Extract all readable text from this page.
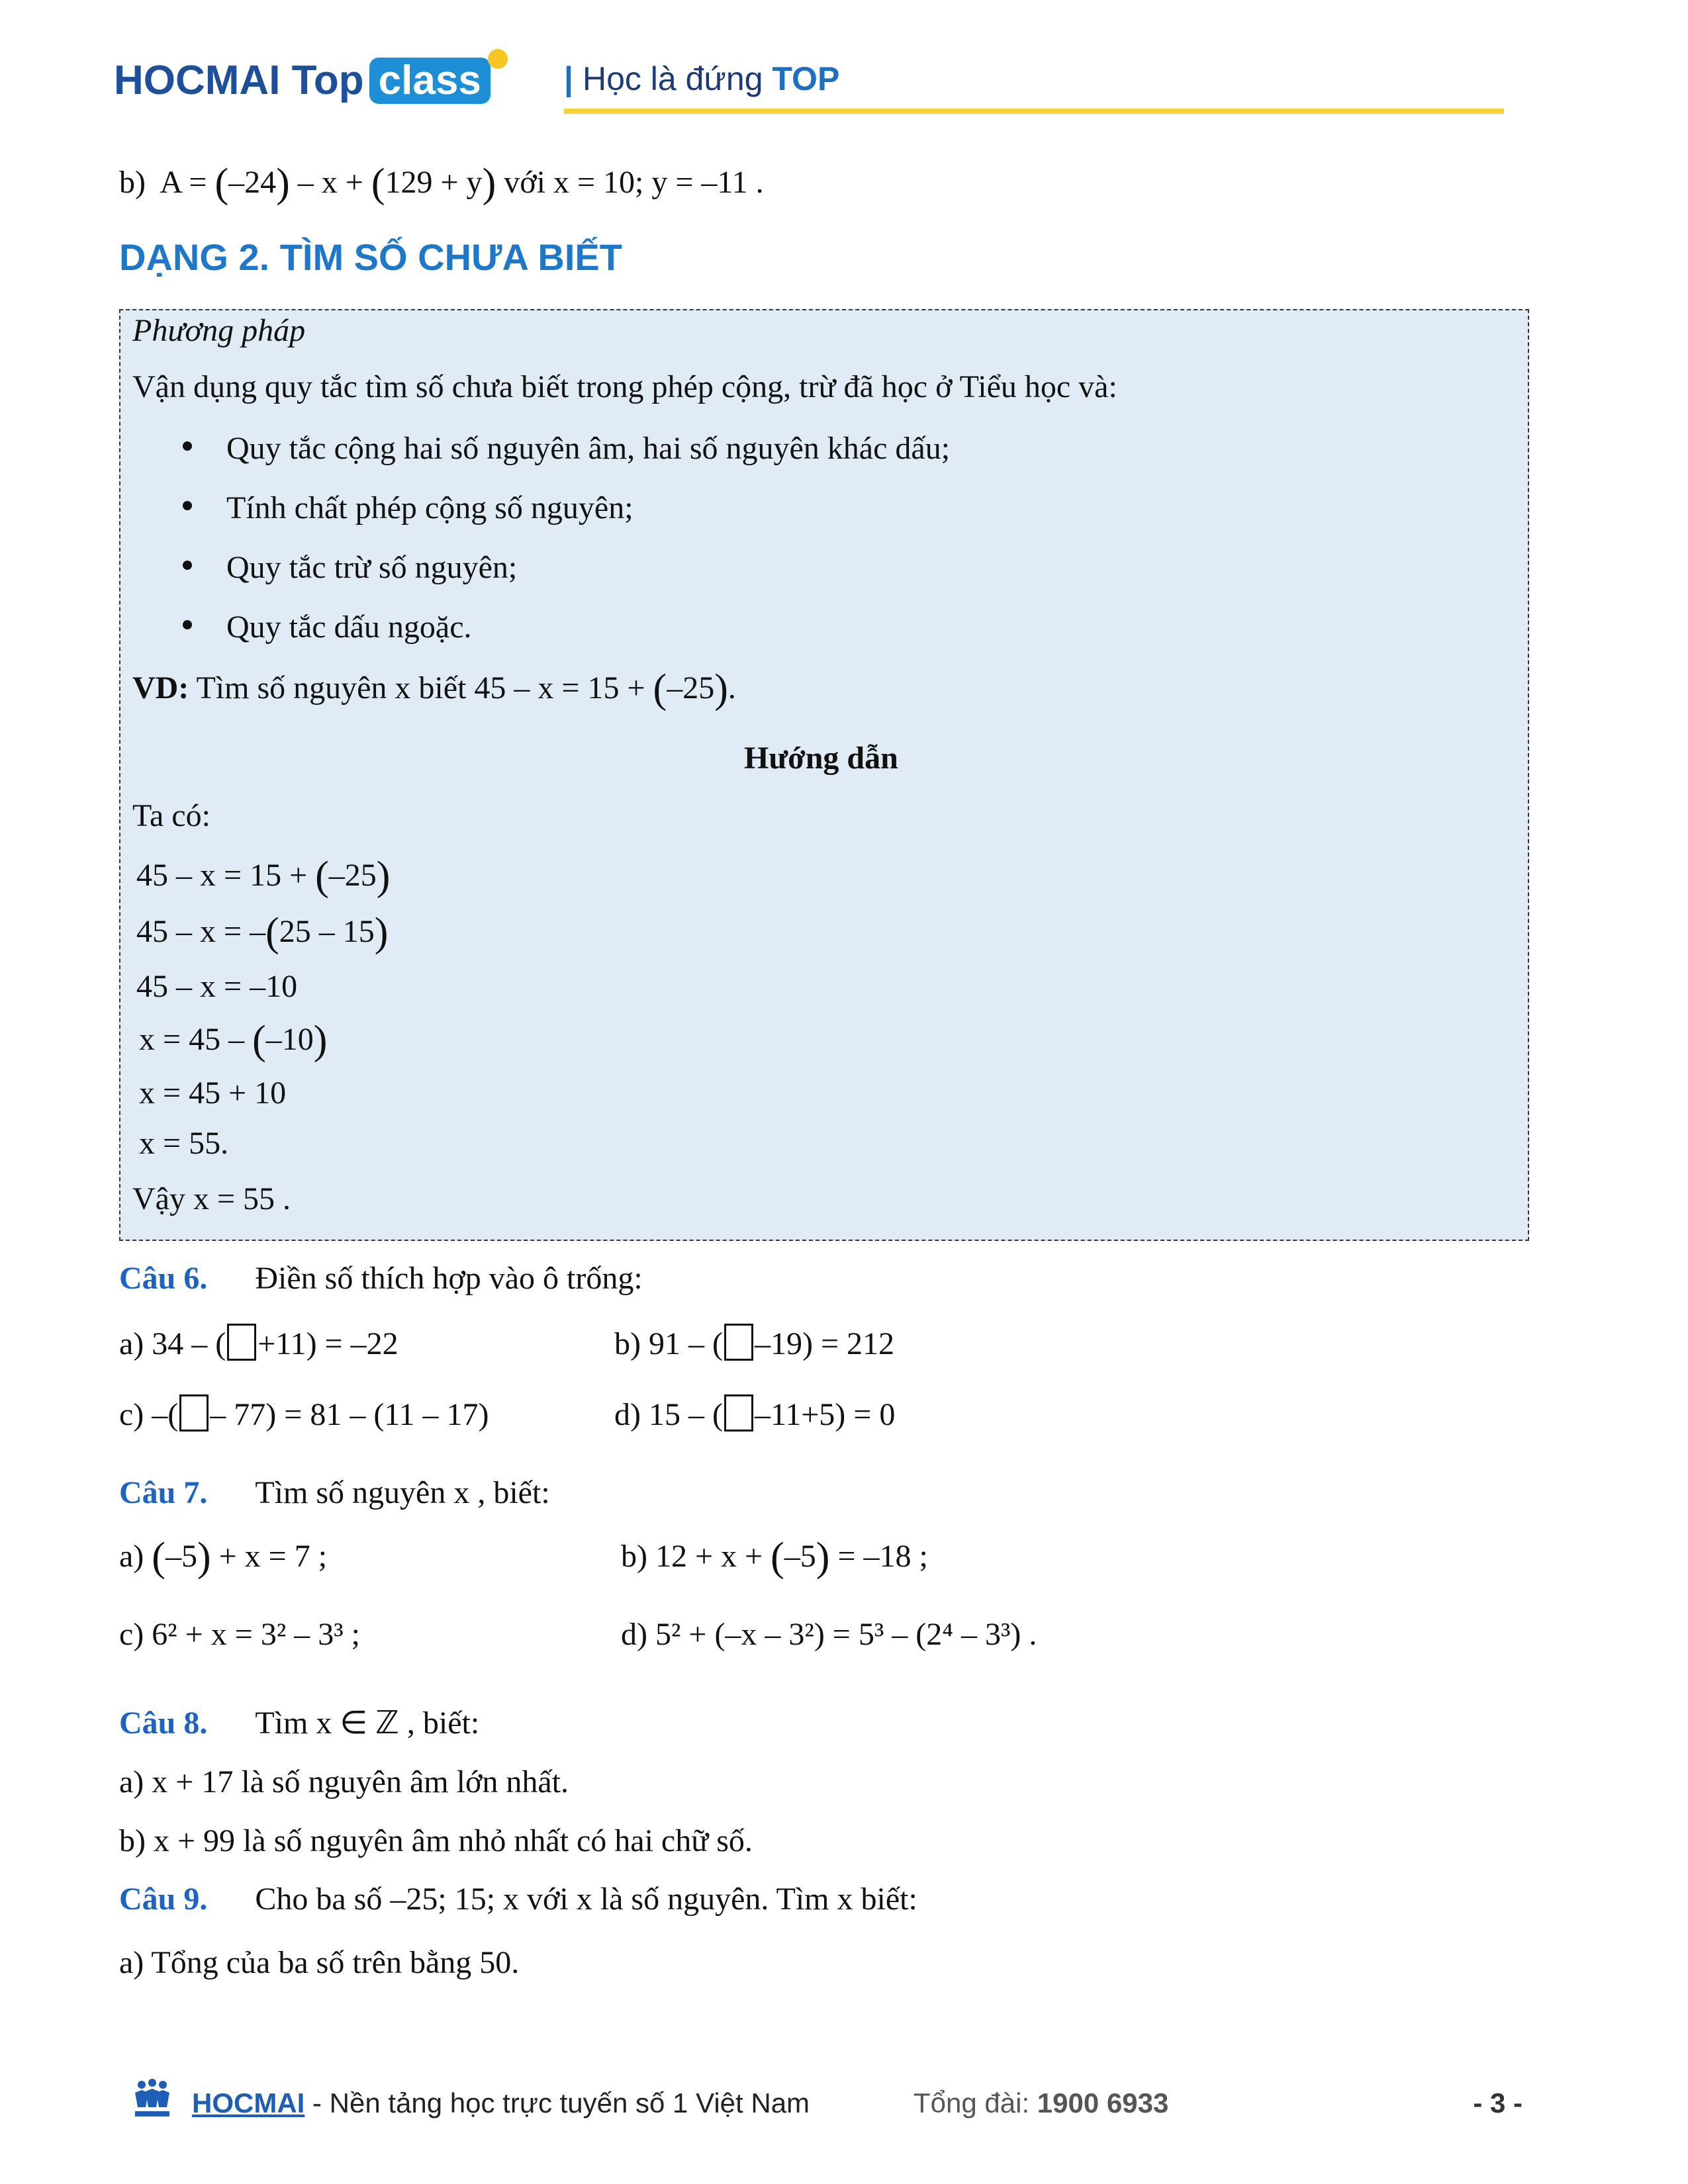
HOCMAI Top class	| Học là đứng TOP
b) A = (–24) – x + (129 + y) với x = 10; y = –11 .
DẠNG 2. TÌM SỐ CHƯA BIẾT
Phương pháp
Vận dụng quy tắc tìm số chưa biết trong phép cộng, trừ đã học ở Tiểu học và:
Quy tắc cộng hai số nguyên âm, hai số nguyên khác dấu;
Tính chất phép cộng số nguyên;
Quy tắc trừ số nguyên;
Quy tắc dấu ngoặc.
VD: Tìm số nguyên x biết 45 – x = 15 + (–25).
Hướng dẫn
Ta có:
45 – x = 15 + (–25)
45 – x = –(25 – 15)
45 – x = –10
x = 45 – (–10)
x = 45 + 10
x = 55.
Vậy x = 55 .
Câu 6. Điền số thích hợp vào ô trống:
a) 34 – ( +11) = –22	b) 91 – ( –19) = 212
c) –( – 77) = 81 – (11 – 17)	d) 15 – ( –11+5) = 0
Câu 7. Tìm số nguyên x , biết:
a) (–5) + x = 7 ;	b) 12 + x + (–5) = –18 ;
c) 6² + x = 3² – 3³ ;	d) 5² + (–x – 3²) = 5³ – (2⁴ – 3³) .
Câu 8. Tìm x ∈ ℤ , biết:
a) x + 17 là số nguyên âm lớn nhất.
b) x + 99 là số nguyên âm nhỏ nhất có hai chữ số.
Câu 9. Cho ba số –25; 15; x với x là số nguyên. Tìm x biết:
a) Tổng của ba số trên bằng 50.
HOCMAI - Nền tảng học trực tuyến số 1 Việt Nam	Tổng đài: 1900 6933	- 3 -
